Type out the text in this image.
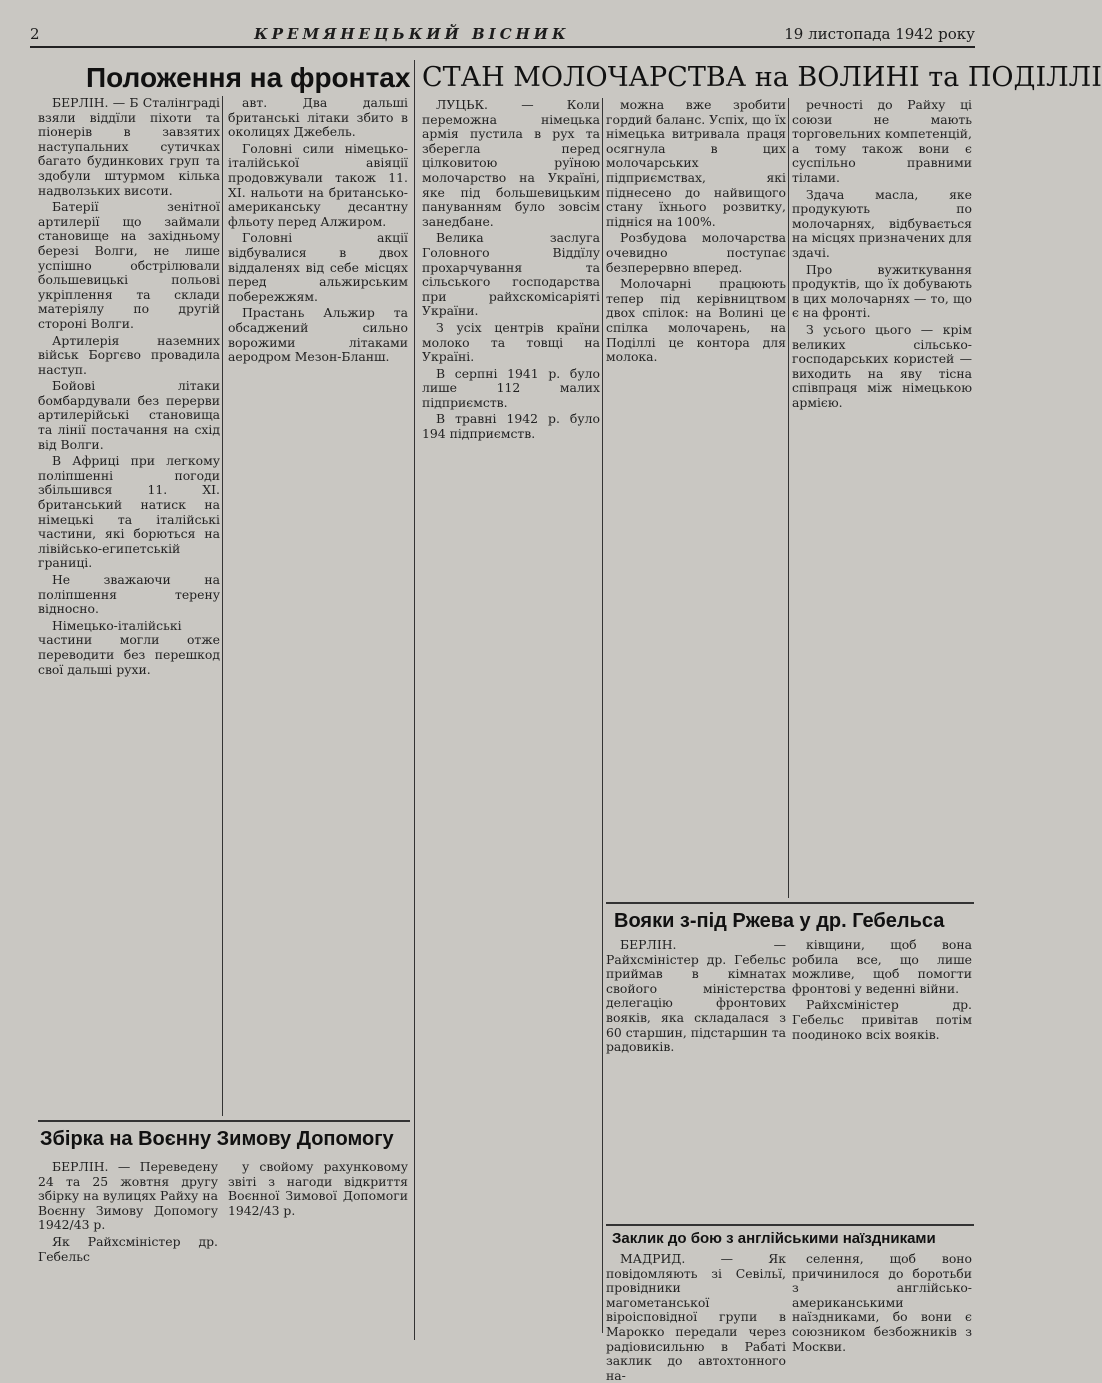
2	КРЕМЯНЕЦЬКИЙ ВІСНИК	19 листопада 1942 року
Положення на фронтах

БЕРЛІН. — Б Сталінграді взяли віддїли піхоти та піонерів в завзятих наступальних сутичках багато будинкових груп та здобули штурмом кілька надволзьких висоти.

Батерії зенітної артилерії що займали становище на західньому березі Волги, не лише успішно обстрілювали большевицькі польові укріплення та склади матеріялу по другій стороні Волги.

Артилерія наземних військ Боргєво провадила наступ.

Бойові літаки бомбардували без перерви артилерійські становища та лінії постачання на схід від Волги.

В Африці при легкому поліпшенні погоди збільшився 11. ХІ. британський натиск на німецькі та італійські частини, які борються на лівійсько-египетській границі.

Не зважаючи на поліпшення терену відносно.

Німецько-італійські частини могли отже переводити без перешкод свої дальші рухи.

авт. Два дальші британські літаки збито в околицях Джебель.

Головні сили німецько-італійської авіяції продовжували також 11. ХІ. нальоти на британсько-американську десантну фльоту перед Алжиром.

Головні акції відбувалися в двох віддаленях від себе місцях перед альжирським побережжям.

Прастань Альжир та обсаджений сильно ворожими літаками аеродром Мезон-Бланш.

СТАН МОЛОЧАРСТВА на ВОЛИНІ та ПОДІЛЛІ

ЛУЦЬК. — Коли переможна німецька армія пустила в рух та зберегла перед цілковитою руїною молочарство на Україні, яке під большевицьким пануванням було зовсім занедбане.

Велика заслуга Головного Віддїлу прохарчування та сільського господарства при райхскомісаріяті України.

З усіх центрів країни молоко та товщі на Україні.

В серпні 1941 р. було лише 112 малих підприємств.

В травні 1942 р. було 194 підприємств.

можна вже зробити гордий баланс. Успіх, що їх німецька витривала праця осягнула в цих молочарських підприємствах, які піднесено до найвищого стану їхнього розвитку, підніся на 100%.

Розбудова молочарства очевидно поступає безперервно вперед.

Молочарні працюють тепер під керівництвом двох спілок: на Волині це спілка молочарень, на Поділлі це контора для молока.

речності до Райху ці союзи не мають торговельних компетенцій, а тому також вони є суспільно правними тілами.

Здача масла, яке продукують по молочарнях, відбувається на місцях призначених для здачі.

Про вужиткування продуктів, що їх добувають в цих молочарнях — то, що є на фронті.

З усього цього — крім великих сільсько-господарських користей — виходить на яву тісна співпраця між німецькою армією.

Вояки з-під Ржева у др. Гебельса

БЕРЛІН. — Райхсміністер др. Гебельс приймав в кімнатах свойого міністерства делегацію фронтових вояків, яка складалася з 60 старшин, підстаршин та радовиків.

ківщини, щоб вона робила все, що лише можливе, щоб помогти фронтові у веденні війни.

Райхсміністер др. Гебельс привітав потім поодиноко всіх вояків.

Збірка на Воєнну Зимову Допомогу

БЕРЛІН. — Переведену 24 та 25 жовтня другу збірку на вулицях Райху на Воєнну Зимову Допомогу 1942/43 р.

Як Райхсміністер др. Гебельс

у свойому рахунковому звіті з нагоди відкриття Воєнної Зимової Допомоги 1942/43 р.

Заклик до бою з англійськими наїздниками

МАДРИД. — Як повідомляють зі Севільї, провідники магометанської віроісповідної групи в Марокко передали через радіовисильню в Рабаті заклик до автохтонного на-

селення, щоб воно причинилося до боротьби з англійсько-американськими наїздниками, бо вони є союзником безбожників з Москви.
